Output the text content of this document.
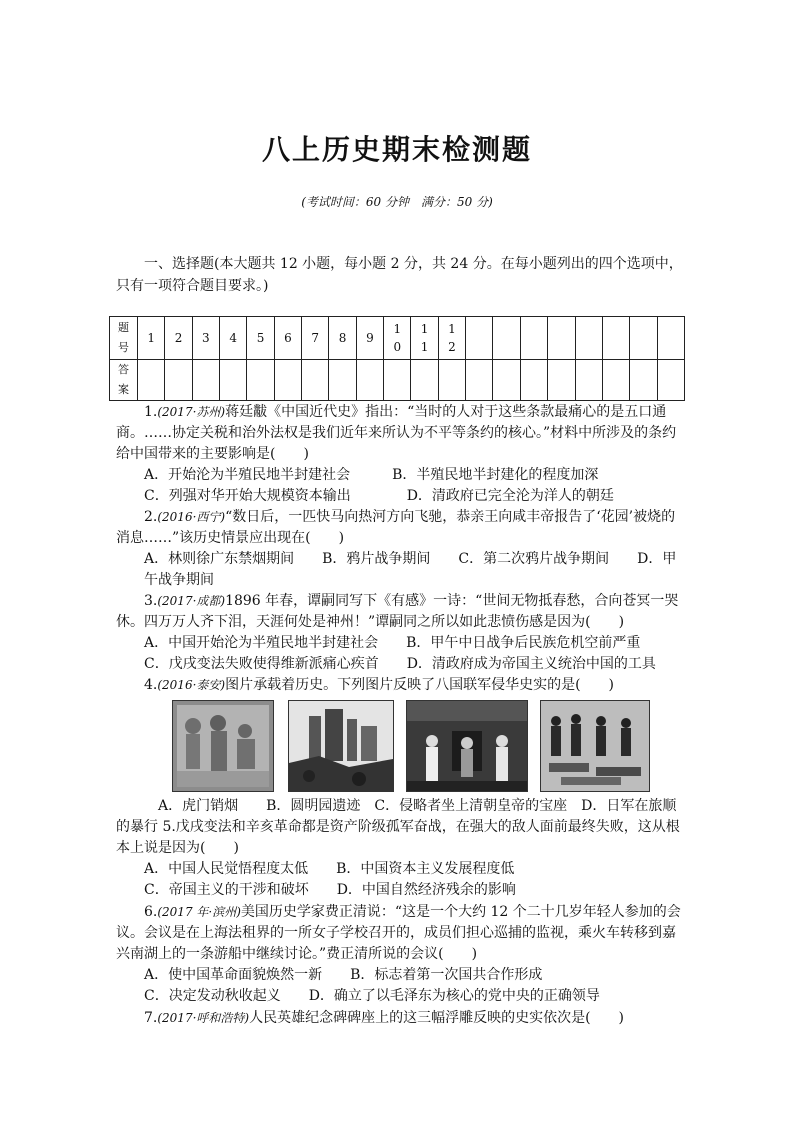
八上历史期末检测题
(考试时间：60 分钟　满分：50 分)
一、选择题(本大题共 12 小题，每小题 2 分，共 24 分。在每小题列出的四个选项中，只有一项符合题目要求。)
题号	1	2	3	4	5	6	7	8	9	10	11	12								

答案																				

1.(2017·苏州)蒋廷黻《中国近代史》指出：“当时的人对于这些条款最痛心的是五口通商。……协定关税和治外法权是我们近年来所认为不平等条约的核心。”材料中所涉及的条约给中国带来的主要影响是(　　)

A．开始沦为半殖民地半封建社会　　　B．半殖民地半封建化的程度加深

C．列强对华开始大规模资本输出　　　　D．清政府已完全沦为洋人的朝廷

2.(2016·西宁)“数日后，一匹快马向热河方向飞驰，恭亲王向咸丰帝报告了‘花园’被烧的消息……”该历史情景应出现在(　　)

A．林则徐广东禁烟期间　　B．鸦片战争期间　　C．第二次鸦片战争期间　　D．甲午战争期间

3.(2017·成都)1896 年春，谭嗣同写下《有感》一诗：“世间无物抵春愁，合向苍冥一哭休。四万万人齐下泪，天涯何处是神州！”谭嗣同之所以如此悲愤伤感是因为(　　)

A．中国开始沦为半殖民地半封建社会　　B．甲午中日战争后民族危机空前严重

C．戊戌变法失败使得维新派痛心疾首　　D．清政府成为帝国主义统治中国的工具

4.(2016·泰安)图片承载着历史。下列图片反映了八国联军侵华史实的是(　　)

A．虎门销烟　　B．圆明园遗迹　C．侵略者坐上清朝皇帝的宝座　D．日军在旅顺的暴行 5.戊戌变法和辛亥革命都是资产阶级孤军奋战，在强大的敌人面前最终失败，这从根本上说是因为(　　)

A．中国人民觉悟程度太低　　B．中国资本主义发展程度低

C．帝国主义的干涉和破坏　　D．中国自然经济残余的影响

6.(2017 年·滨州)美国历史学家费正清说：“这是一个大约 12 个二十几岁年轻人参加的会议。会议是在上海法租界的一所女子学校召开的，成员们担心巡捕的监视，乘火车转移到嘉兴南湖上的一条游船中继续讨论。”费正清所说的会议(　　)

A．使中国革命面貌焕然一新　　B．标志着第一次国共合作形成

C．决定发动秋收起义　　D．确立了以毛泽东为核心的党中央的正确领导

7.(2017·呼和浩特)人民英雄纪念碑碑座上的这三幅浮雕反映的史实依次是(　　)
